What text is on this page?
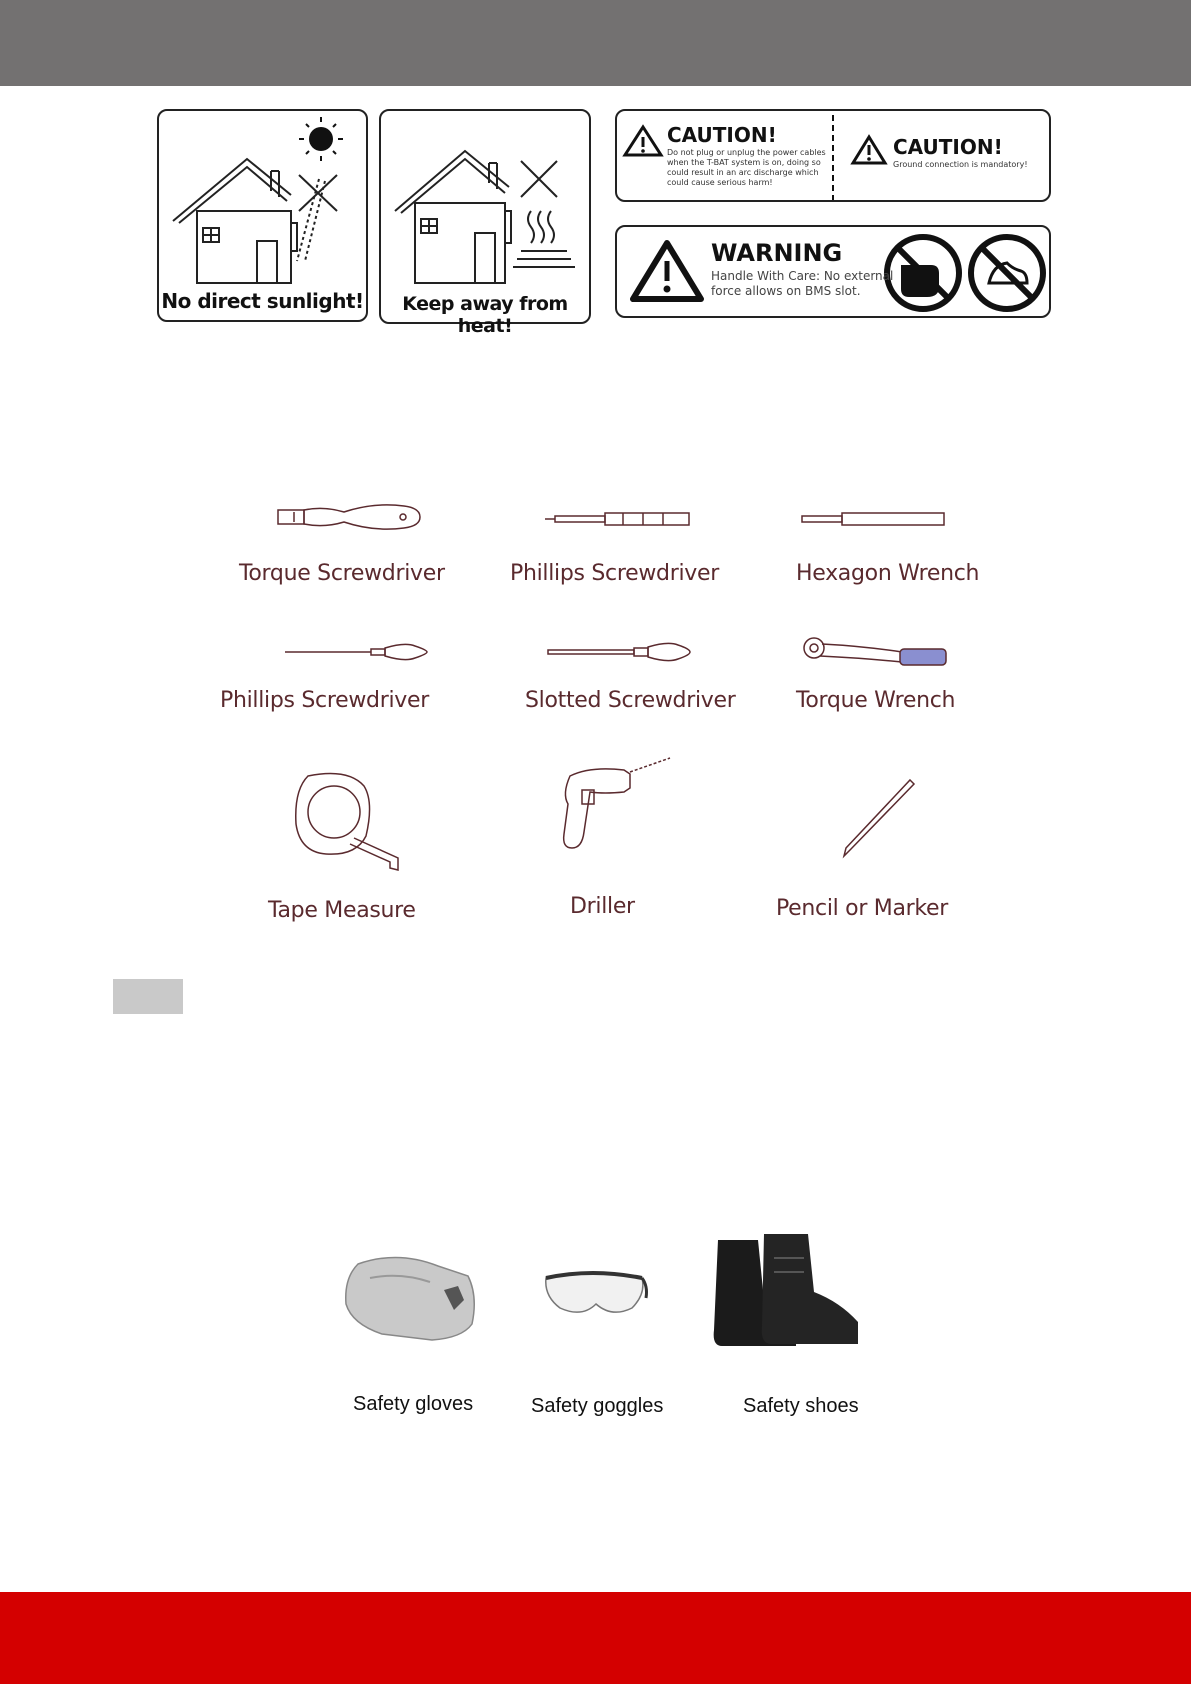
No direct sunlight!	Keep away from heat!
CAUTION!
Do not plug or unplug the power cables
when the T-BAT system is on, doing so
could result in an arc discharge which
could cause serious harm!
CAUTION!
Ground connection is mandatory!
WARNING
Handle With Care: No external
force allows on BMS slot.
Torque Screwdriver	Phillips Screwdriver	Hexagon Wrench
Phillips Screwdriver	Slotted Screwdriver	Torque Wrench
Tape Measure	Driller	Pencil or Marker
Safety gloves	Safety goggles	Safety shoes
